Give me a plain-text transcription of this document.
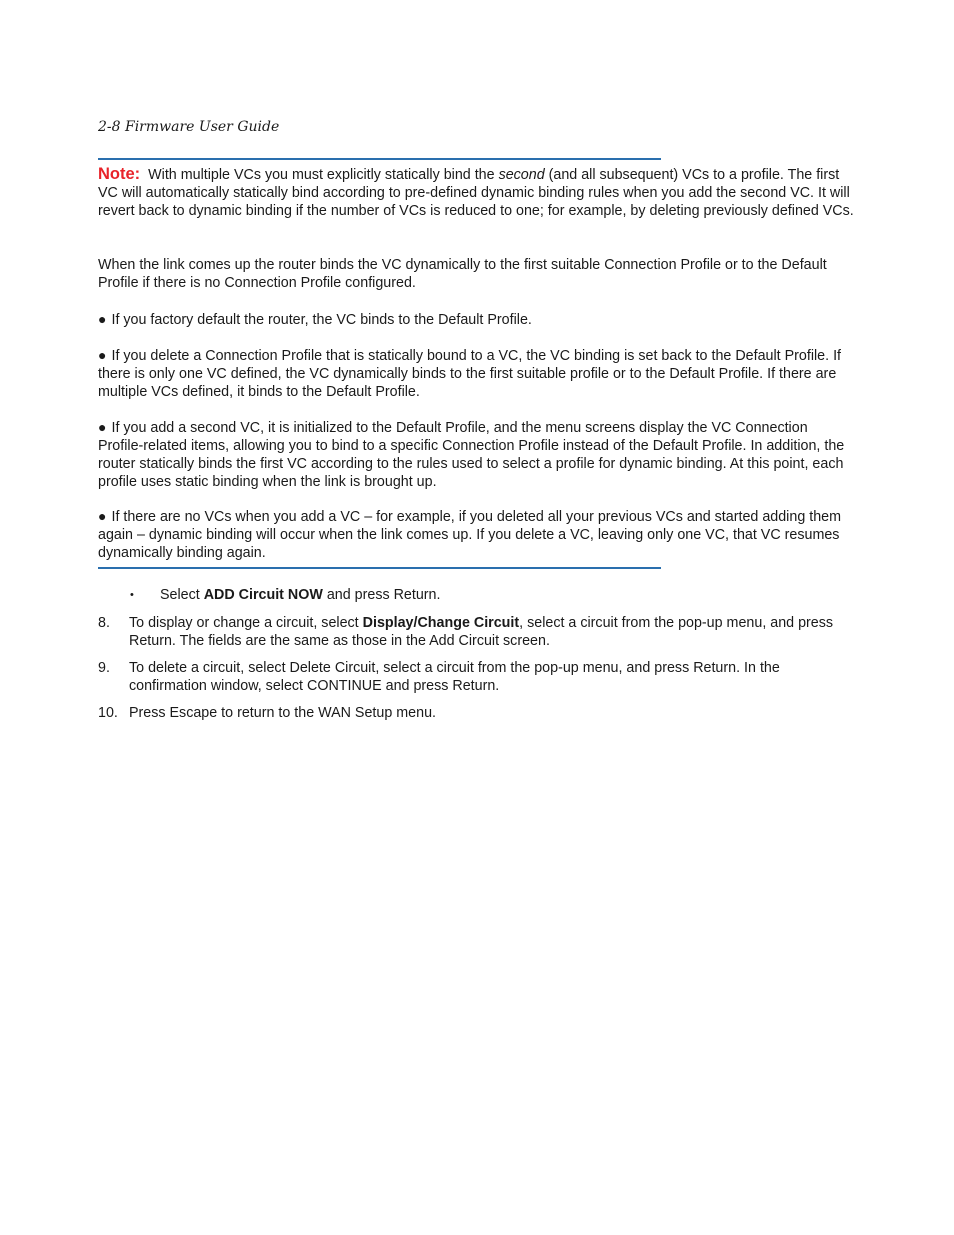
2-8 Firmware User Guide

Note: With multiple VCs you must explicitly statically bind the second (and all subsequent) VCs to a profile. The first VC will automatically statically bind according to pre-defined dynamic binding rules when you add the second VC. It will revert back to dynamic binding if the number of VCs is reduced to one; for example, by deleting previously defined VCs.

When the link comes up the router binds the VC dynamically to the first suitable Connection Profile or to the Default Profile if there is no Connection Profile configured.

● If you factory default the router, the VC binds to the Default Profile.

● If you delete a Connection Profile that is statically bound to a VC, the VC binding is set back to the Default Profile. If there is only one VC defined, the VC dynamically binds to the first suitable profile or to the Default Profile. If there are multiple VCs defined, it binds to the Default Profile.

● If you add a second VC, it is initialized to the Default Profile, and the menu screens display the VC Connection Profile-related items, allowing you to bind to a specific Connection Profile instead of the Default Profile. In addition, the router statically binds the first VC according to the rules used to select a profile for dynamic binding. At this point, each profile uses static binding when the link is brought up.

● If there are no VCs when you add a VC – for example, if you deleted all your previous VCs and started adding them again – dynamic binding will occur when the link comes up. If you delete a VC, leaving only one VC, that VC resumes dynamically binding again.

• Select ADD Circuit NOW and press Return.
8. To display or change a circuit, select Display/Change Circuit, select a circuit from the pop-up menu, and press Return. The fields are the same as those in the Add Circuit screen.
9. To delete a circuit, select Delete Circuit, select a circuit from the pop-up menu, and press Return. In the confirmation window, select CONTINUE and press Return.
10. Press Escape to return to the WAN Setup menu.
